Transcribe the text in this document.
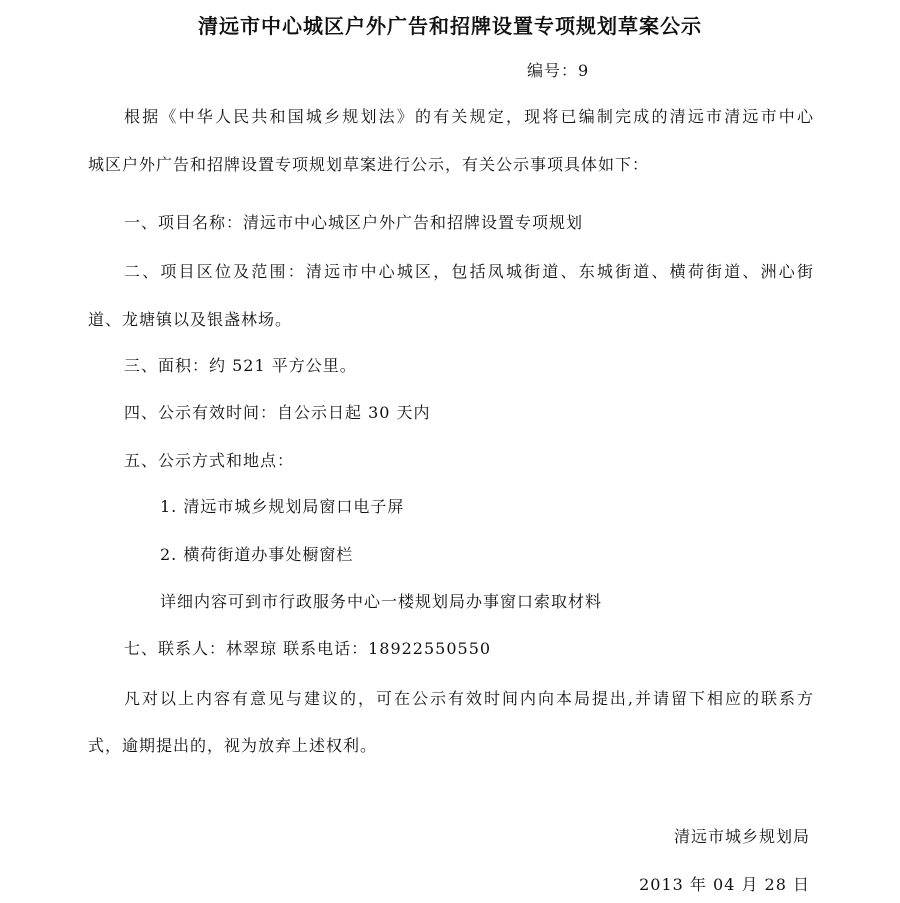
清远市中心城区户外广告和招牌设置专项规划草案公示
编号：9
根据《中华人民共和国城乡规划法》的有关规定，现将已编制完成的清远市清远市中心
城区户外广告和招牌设置专项规划草案进行公示，有关公示事项具体如下：
一、项目名称：清远市中心城区户外广告和招牌设置专项规划
二、项目区位及范围：清远市中心城区，包括凤城街道、东城街道、横荷街道、洲心街
道、龙塘镇以及银盏林场。
三、面积：约 521 平方公里。
四、公示有效时间：自公示日起 30 天内
五、公示方式和地点：
1. 清远市城乡规划局窗口电子屏
2. 横荷街道办事处橱窗栏
详细内容可到市行政服务中心一楼规划局办事窗口索取材料
七、联系人：林翠琼 联系电话：18922550550
凡对以上内容有意见与建议的，可在公示有效时间内向本局提出,并请留下相应的联系方
式，逾期提出的，视为放弃上述权利。
清远市城乡规划局
2013 年 04 月 28 日
